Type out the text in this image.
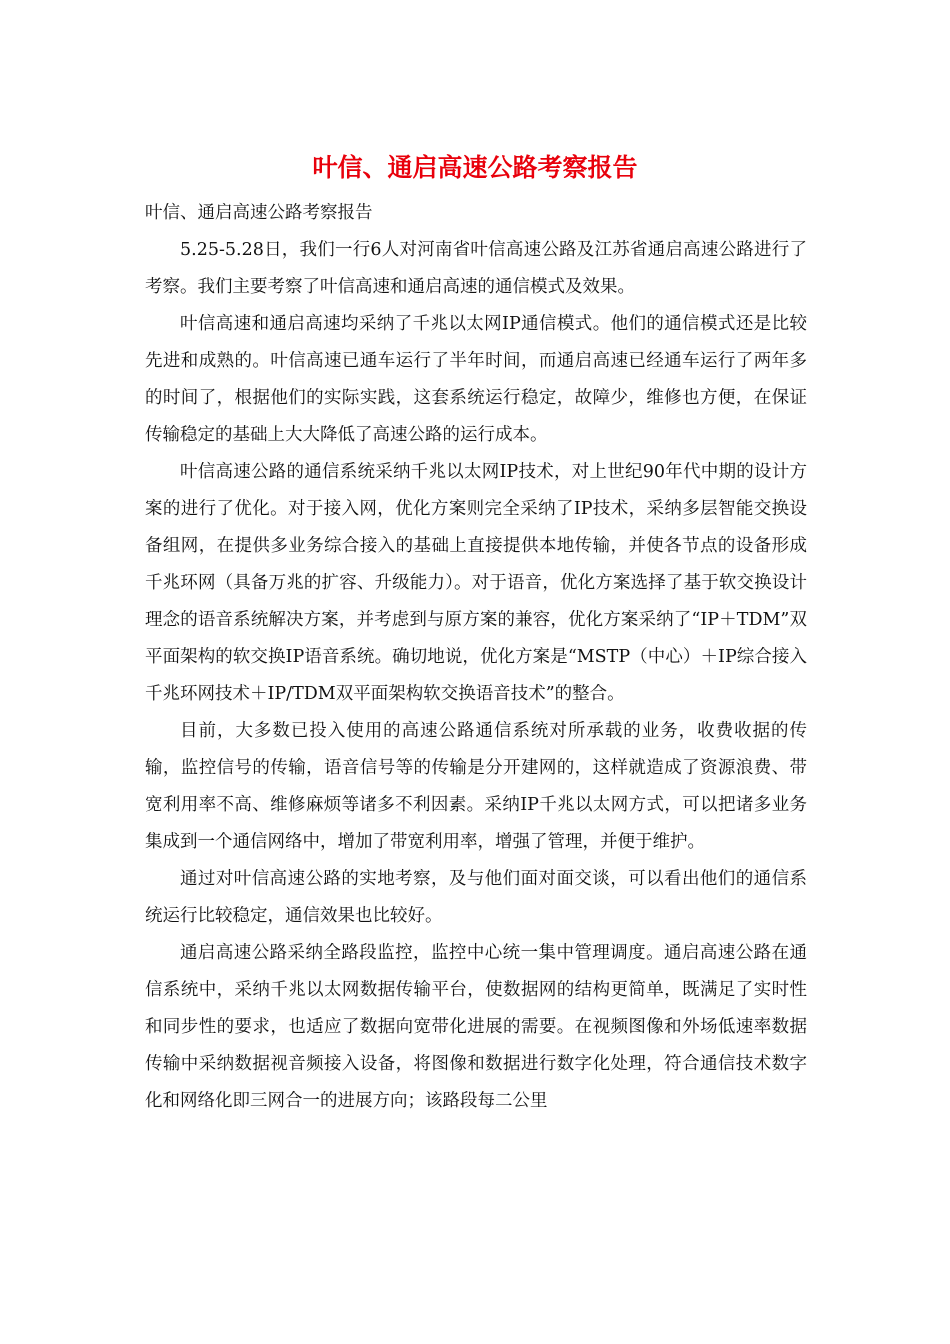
叶信、通启高速公路考察报告

叶信、通启高速公路考察报告

5.25-5.28日，我们一行6人对河南省叶信高速公路及江苏省通启高速公路进行了考察。我们主要考察了叶信高速和通启高速的通信模式及效果。

叶信高速和通启高速均采纳了千兆以太网IP通信模式。他们的通信模式还是比较先进和成熟的。叶信高速已通车运行了半年时间，而通启高速已经通车运行了两年多的时间了，根据他们的实际实践，这套系统运行稳定，故障少，维修也方便，在保证传输稳定的基础上大大降低了高速公路的运行成本。

叶信高速公路的通信系统采纳千兆以太网IP技术，对上世纪90年代中期的设计方案的进行了优化。对于接入网，优化方案则完全采纳了IP技术，采纳多层智能交换设备组网，在提供多业务综合接入的基础上直接提供本地传输，并使各节点的设备形成千兆环网（具备万兆的扩容、升级能力）。对于语音，优化方案选择了基于软交换设计理念的语音系统解决方案，并考虑到与原方案的兼容，优化方案采纳了“IP＋TDM”双平面架构的软交换IP语音系统。确切地说，优化方案是“MSTP（中心）＋IP综合接入千兆环网技术＋IP/TDM双平面架构软交换语音技术”的整合。

目前，大多数已投入使用的高速公路通信系统对所承载的业务，收费收据的传输，监控信号的传输，语音信号等的传输是分开建网的，这样就造成了资源浪费、带宽利用率不高、维修麻烦等诸多不利因素。采纳IP千兆以太网方式，可以把诸多业务集成到一个通信网络中，增加了带宽利用率，增强了管理，并便于维护。

通过对叶信高速公路的实地考察，及与他们面对面交谈，可以看出他们的通信系统运行比较稳定，通信效果也比较好。

通启高速公路采纳全路段监控，监控中心统一集中管理调度。通启高速公路在通信系统中，采纳千兆以太网数据传输平台，使数据网的结构更简单，既满足了实时性和同步性的要求，也适应了数据向宽带化进展的需要。在视频图像和外场低速率数据传输中采纳数据视音频接入设备，将图像和数据进行数字化处理，符合通信技术数字化和网络化即三网合一的进展方向；该路段每二公里
